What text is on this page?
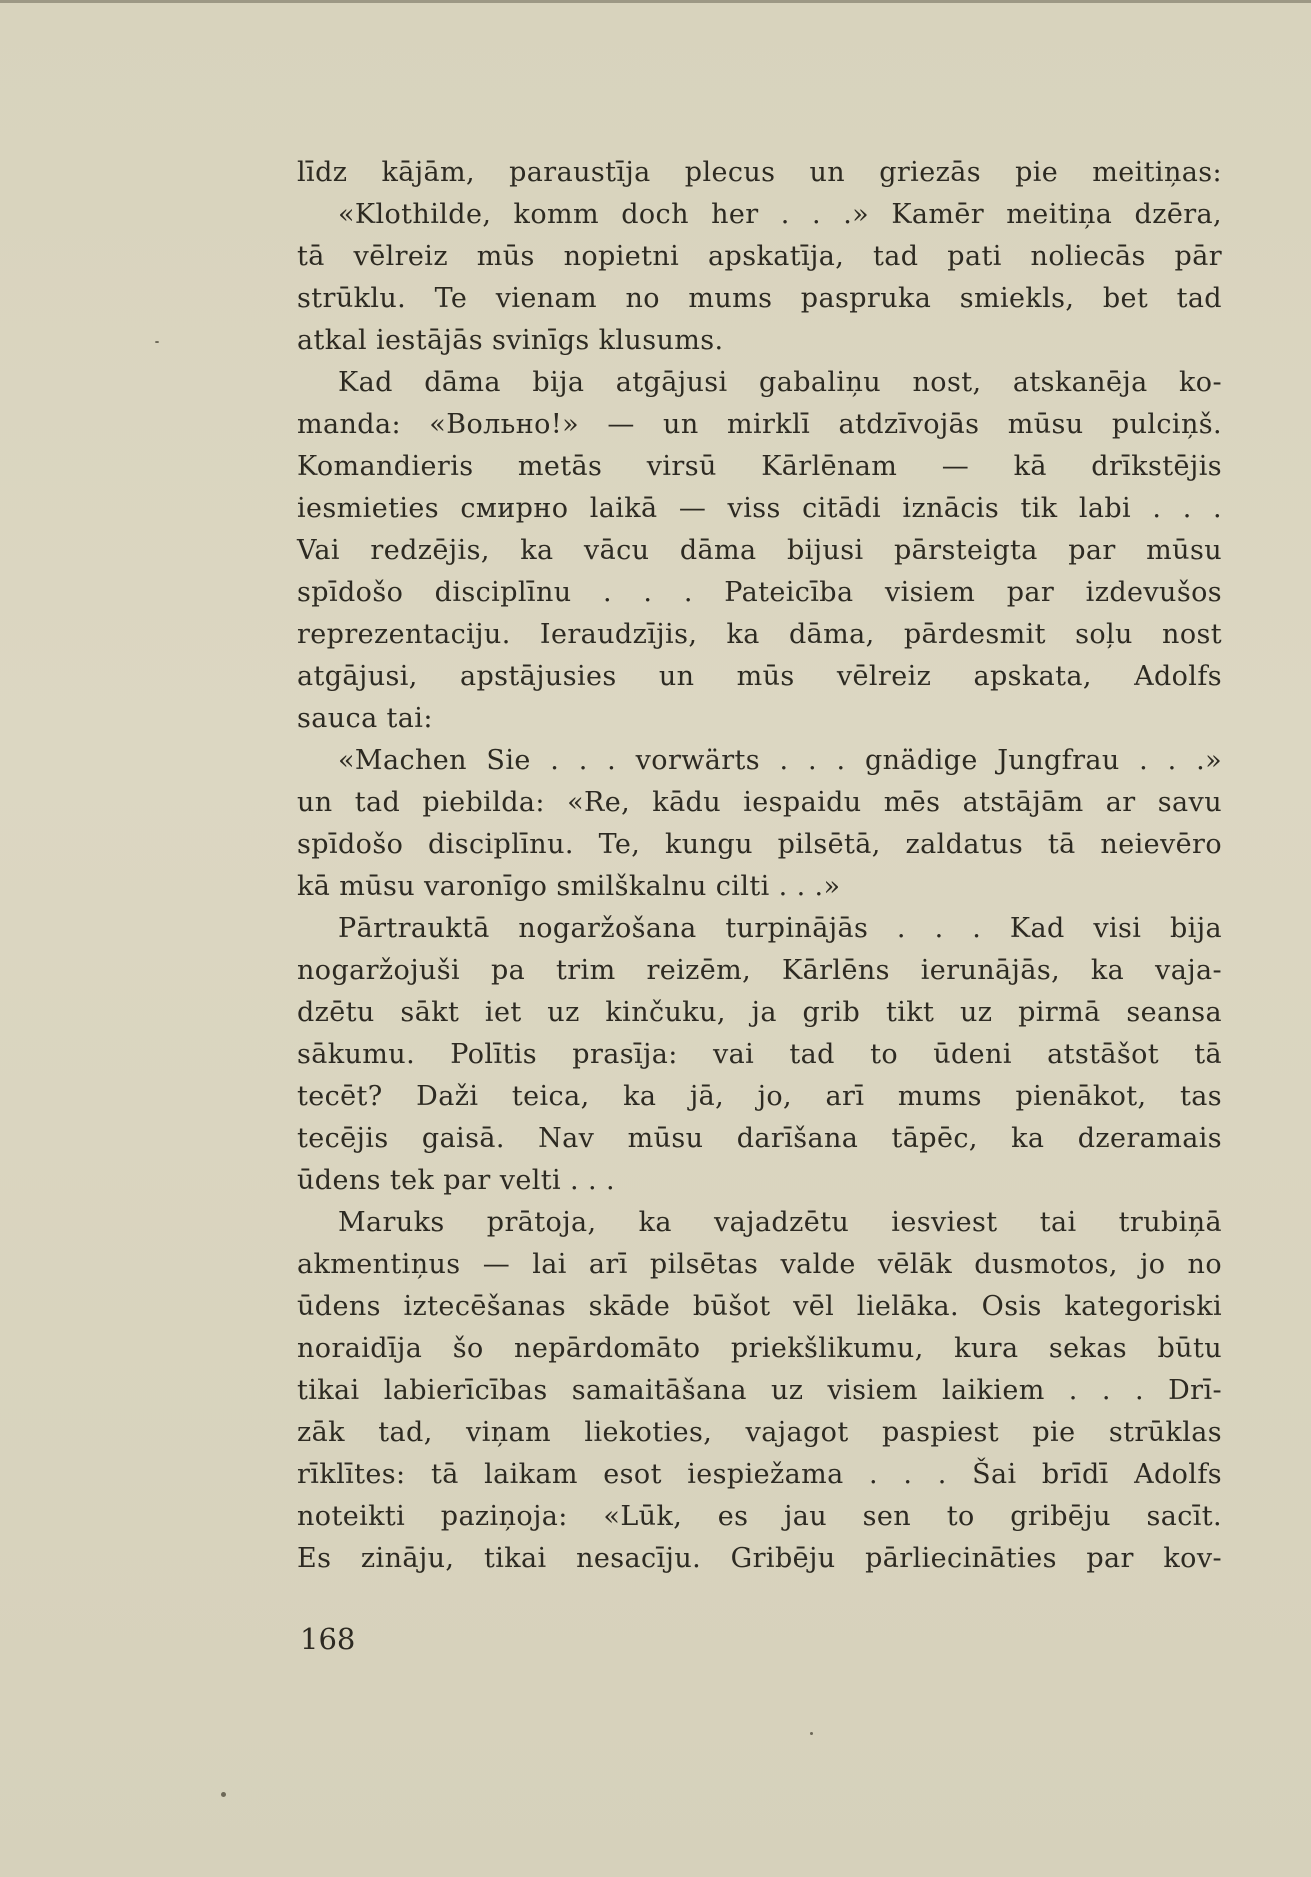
līdz kājām, paraustīja plecus un griezās pie meitiņas:
«Klothilde, komm doch her . . .» Kamēr meitiņa dzēra,
tā vēlreiz mūs nopietni apskatīja, tad pati noliecās pār
strūklu. Te vienam no mums paspruka smiekls, bet tad
atkal iestājās svinīgs klusums.
Kad dāma bija atgājusi gabaliņu nost, atskanēja ko-
manda: «Вольно!» — un mirklī atdzīvojās mūsu pulciņš.
Komandieris metās virsū Kārlēnam — kā drīkstējis
iesmieties смирно laikā — viss citādi iznācis tik labi . . .
Vai redzējis, ka vācu dāma bijusi pārsteigta par mūsu
spīdošo disciplīnu . . . Pateicība visiem par izdevušos
reprezentaciju. Ieraudzījis, ka dāma, pārdesmit soļu nost
atgājusi, apstājusies un mūs vēlreiz apskata, Adolfs
sauca tai:
«Machen Sie . . . vorwärts . . . gnädige Jungfrau . . .»
un tad piebilda: «Re, kādu iespaidu mēs atstājām ar savu
spīdošo disciplīnu. Te, kungu pilsētā, zaldatus tā neievēro
kā mūsu varonīgo smilškalnu cilti . . .»
Pārtrauktā nogaržošana turpinājās . . . Kad visi bija
nogaržojuši pa trim reizēm, Kārlēns ierunājās, ka vaja-
dzētu sākt iet uz kinčuku, ja grib tikt uz pirmā seansa
sākumu. Polītis prasīja: vai tad to ūdeni atstāšot tā
tecēt? Daži teica, ka jā, jo, arī mums pienākot, tas
tecējis gaisā. Nav mūsu darīšana tāpēc, ka dzeramais
ūdens tek par velti . . .
Maruks prātoja, ka vajadzētu iesviest tai trubiņā
akmentiņus — lai arī pilsētas valde vēlāk dusmotos, jo no
ūdens iztecēšanas skāde būšot vēl lielāka. Osis kategoriski
noraidīja šo nepārdomāto priekšlikumu, kura sekas būtu
tikai labierīcības samaitāšana uz visiem laikiem . . . Drī-
zāk tad, viņam liekoties, vajagot paspiest pie strūklas
rīklītes: tā laikam esot iespiežama . . . Šai brīdī Adolfs
noteikti paziņoja: «Lūk, es jau sen to gribēju sacīt.
Es zināju, tikai nesacīju. Gribēju pārliecināties par kov-
168
